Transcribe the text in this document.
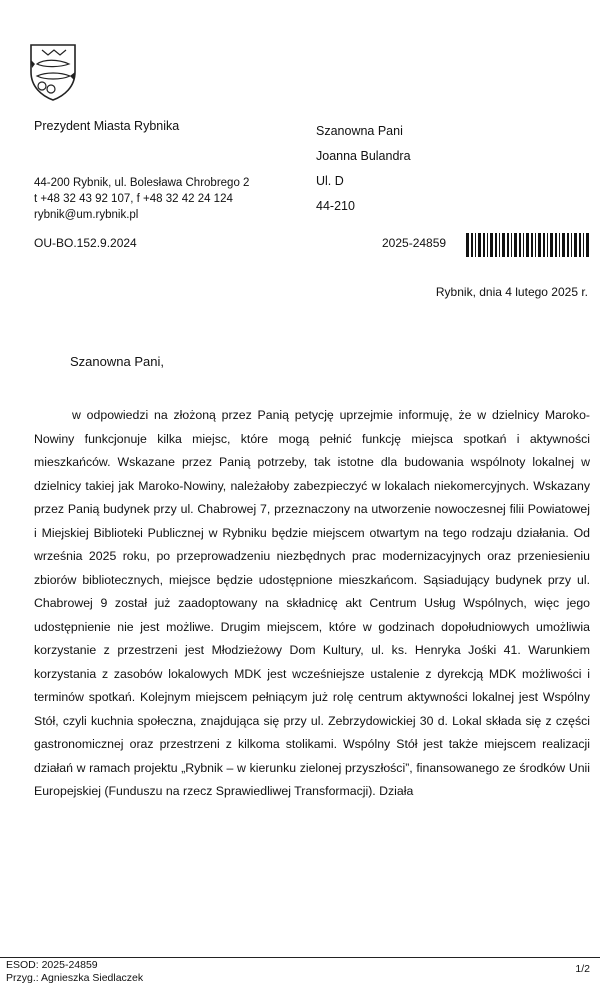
Prezydent Miasta Rybnika
44-200 Rybnik, ul. Bolesława Chrobrego 2
t +48 32 43 92 107, f +48 32 42 24 124
rybnik@um.rybnik.pl
OU-BO.152.9.2024
Szanowna Pani
Joanna Bulandra
Ul. D
44-210
2025-24859
Rybnik, dnia 4 lutego 2025 r.
Szanowna Pani,

w odpowiedzi na złożoną przez Panią petycję uprzejmie informuję, że w dzielnicy Maroko-Nowiny funkcjonuje kilka miejsc, które mogą pełnić funkcję miejsca spotkań i aktywności mieszkańców. Wskazane przez Panią potrzeby, tak istotne dla budowania wspólnoty lokalnej w dzielnicy takiej jak Maroko-Nowiny, należałoby zabezpieczyć w lokalach niekomercyjnych. Wskazany przez Panią budynek przy ul. Chabrowej 7, przeznaczony na utworzenie nowoczesnej filii Powiatowej i Miejskiej Biblioteki Publicznej w Rybniku będzie miejscem otwartym na tego rodzaju działania. Od września 2025 roku, po przeprowadzeniu niezbędnych prac modernizacyjnych oraz przeniesieniu zbiorów bibliotecznych, miejsce będzie udostępnione mieszkańcom. Sąsiadujący budynek przy ul. Chabrowej 9 został już zaadoptowany na składnicę akt Centrum Usług Wspólnych, więc jego udostępnienie nie jest możliwe. Drugim miejscem, które w godzinach dopołudniowych umożliwia korzystanie z przestrzeni jest Młodzieżowy Dom Kultury, ul. ks. Henryka Jośki 41. Warunkiem korzystania z zasobów lokalowych MDK jest wcześniejsze ustalenie z dyrekcją MDK możliwości i terminów spotkań. Kolejnym miejscem pełniącym już rolę centrum aktywności lokalnej jest Wspólny Stół, czyli kuchnia społeczna, znajdująca się przy ul. Zebrzydowickiej 30 d. Lokal składa się z części gastronomicznej oraz przestrzeni z kilkoma stolikami. Wspólny Stół jest także miejscem realizacji działań w ramach projektu „Rybnik – w kierunku zielonej przyszłości”, finansowanego ze środków Unii Europejskiej (Funduszu na rzecz Sprawiedliwej Transformacji). Działa

ESOD: 2025-24859
Przyg.: Agnieszka Siedlaczek
1/2
